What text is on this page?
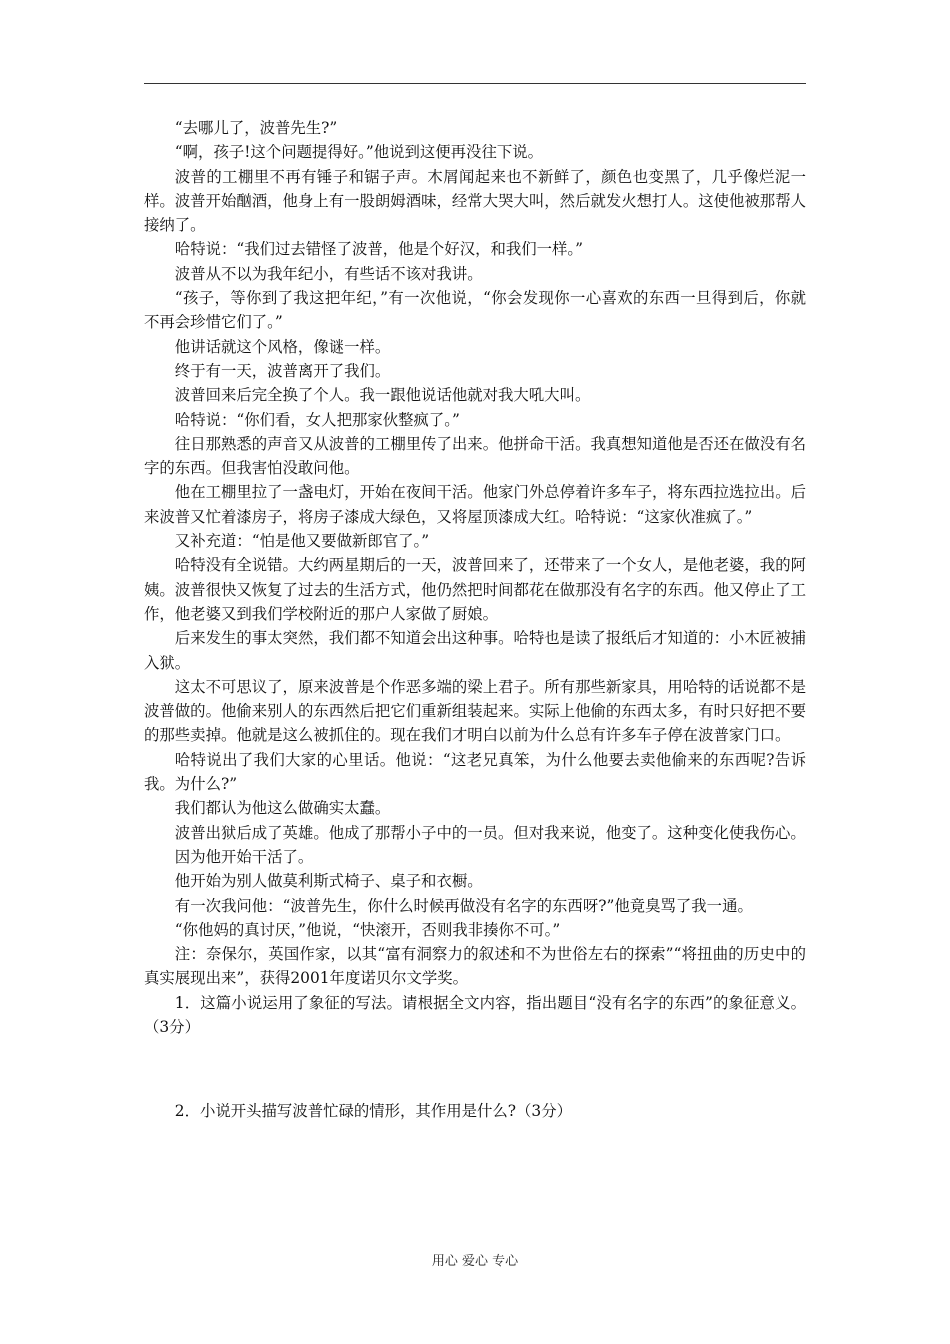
“去哪儿了，波普先生?”

“啊，孩子!这个问题提得好。”他说到这便再没往下说。

波普的工棚里不再有锤子和锯子声。木屑闻起来也不新鲜了，颜色也变黑了，几乎像烂泥一样。波普开始酗酒，他身上有一股朗姆酒味，经常大哭大叫，然后就发火想打人。这使他被那帮人接纳了。

哈特说：“我们过去错怪了波普，他是个好汉，和我们一样。”

波普从不以为我年纪小，有些话不该对我讲。

“孩子，等你到了我这把年纪，”有一次他说，“你会发现你一心喜欢的东西一旦得到后，你就不再会珍惜它们了。”

他讲话就这个风格，像谜一样。

终于有一天，波普离开了我们。

波普回来后完全换了个人。我一跟他说话他就对我大吼大叫。

哈特说：“你们看，女人把那家伙整疯了。”

往日那熟悉的声音又从波普的工棚里传了出来。他拼命干活。我真想知道他是否还在做没有名字的东西。但我害怕没敢问他。

他在工棚里拉了一盏电灯，开始在夜间干活。他家门外总停着许多车子，将东西拉选拉出。后来波普又忙着漆房子，将房子漆成大绿色，又将屋顶漆成大红。哈特说：“这家伙准疯了。”

又补充道：“怕是他又要做新郎官了。”

哈特没有全说错。大约两星期后的一天，波普回来了，还带来了一个女人，是他老婆，我的阿姨。波普很快又恢复了过去的生活方式，他仍然把时间都花在做那没有名字的东西。他又停止了工作，他老婆又到我们学校附近的那户人家做了厨娘。

后来发生的事太突然，我们都不知道会出这种事。哈特也是读了报纸后才知道的：小木匠被捕入狱。

这太不可思议了，原来波普是个作恶多端的梁上君子。所有那些新家具，用哈特的话说都不是波普做的。他偷来别人的东西然后把它们重新组装起来。实际上他偷的东西太多，有时只好把不要的那些卖掉。他就是这么被抓住的。现在我们才明白以前为什么总有许多车子停在波普家门口。

哈特说出了我们大家的心里话。他说：“这老兄真笨，为什么他要去卖他偷来的东西呢?告诉我。为什么?”

我们都认为他这么做确实太蠢。

波普出狱后成了英雄。他成了那帮小子中的一员。但对我来说，他变了。这种变化使我伤心。

因为他开始干活了。

他开始为别人做莫利斯式椅子、桌子和衣橱。

有一次我问他：“波普先生，你什么时候再做没有名字的东西呀?”他竟臭骂了我一通。

“你他妈的真讨厌，”他说，“快滚开，否则我非揍你不可。”

注：奈保尔，英国作家，以其“富有洞察力的叙述和不为世俗左右的探索”“将扭曲的历史中的真实展现出来”，获得2001年度诺贝尔文学奖。

1．这篇小说运用了象征的写法。请根据全文内容，指出题目“没有名字的东西”的象征意义。（3分）

2．小说开头描写波普忙碌的情形，其作用是什么?（3分）

用心 爱心 专心
